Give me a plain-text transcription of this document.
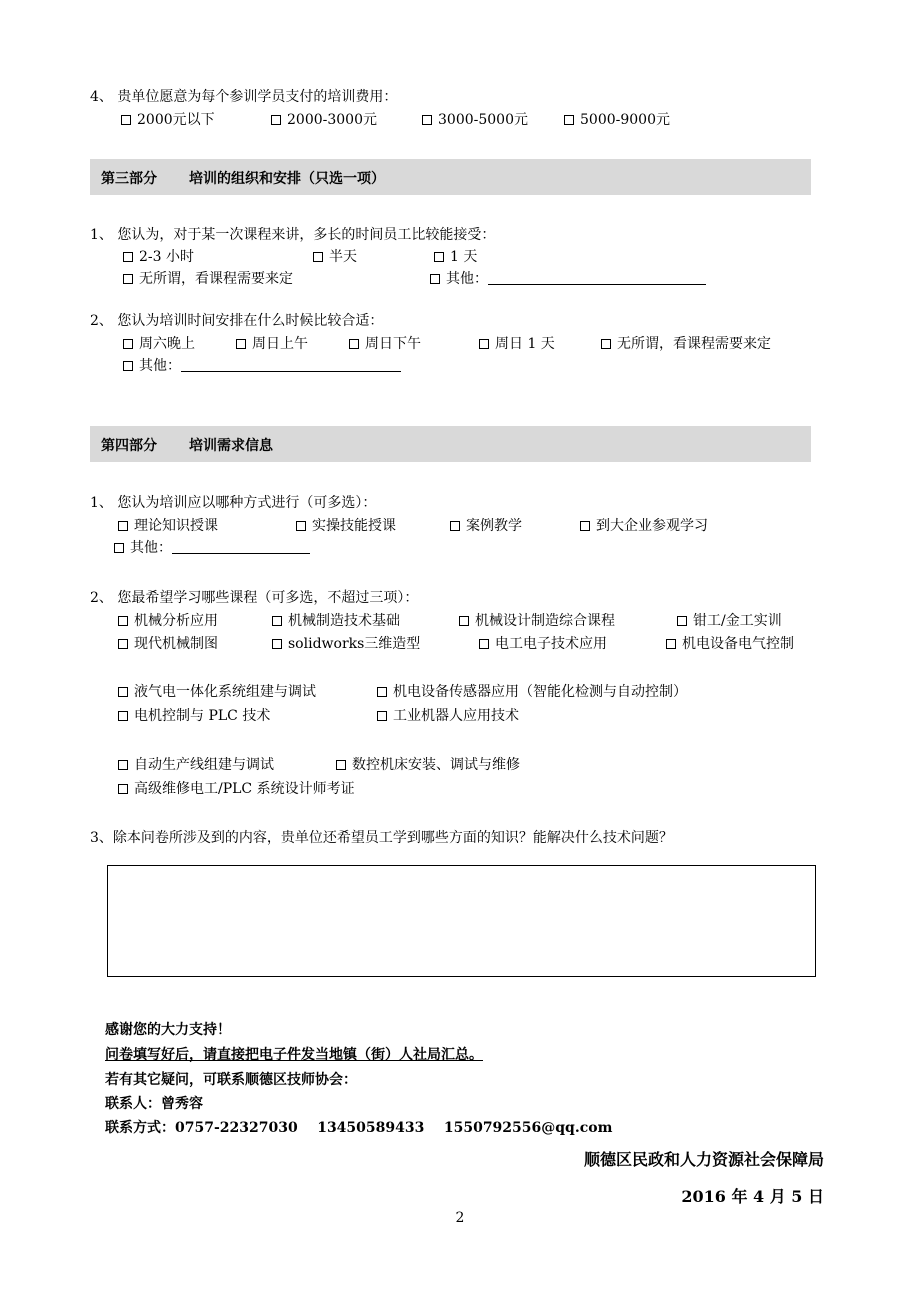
4、 贵单位愿意为每个参训学员支付的培训费用：
2000元以下	2000-3000元	3000-5000元	5000-9000元
第三部分 培训的组织和安排（只选一项）
1、 您认为，对于某一次课程来讲，多长的时间员工比较能接受：
2-3 小时	半天	1 天
无所谓，看课程需要来定	其他：
2、 您认为培训时间安排在什么时候比较合适：
周六晚上	周日上午	周日下午	周日 1 天	无所谓，看课程需要来定
其他：
第四部分 培训需求信息
1、 您认为培训应以哪种方式进行（可多选）：
理论知识授课	实操技能授课	案例教学	到大企业参观学习
其他：
2、 您最希望学习哪些课程（可多选，不超过三项）：
机械分析应用	机械制造技术基础	机械设计制造综合课程	钳工/金工实训
现代机械制图	solidworks三维造型	电工电子技术应用	机电设备电气控制
液气电一体化系统组建与调试	机电设备传感器应用（智能化检测与自动控制）
电机控制与 PLC 技术	工业机器人应用技术
自动生产线组建与调试	数控机床安装、调试与维修
高级维修电工/PLC 系统设计师考证
3、除本问卷所涉及到的内容，贵单位还希望员工学到哪些方面的知识？能解决什么技术问题？
感谢您的大力支持！
问卷填写好后，请直接把电子件发当地镇（街）人社局汇总。
若有其它疑问，可联系顺德区技师协会：
联系人：曾秀容
联系方式：0757-22327030    13450589433    1550792556@qq.com
顺德区民政和人力资源社会保障局
2016 年 4 月 5 日
2
